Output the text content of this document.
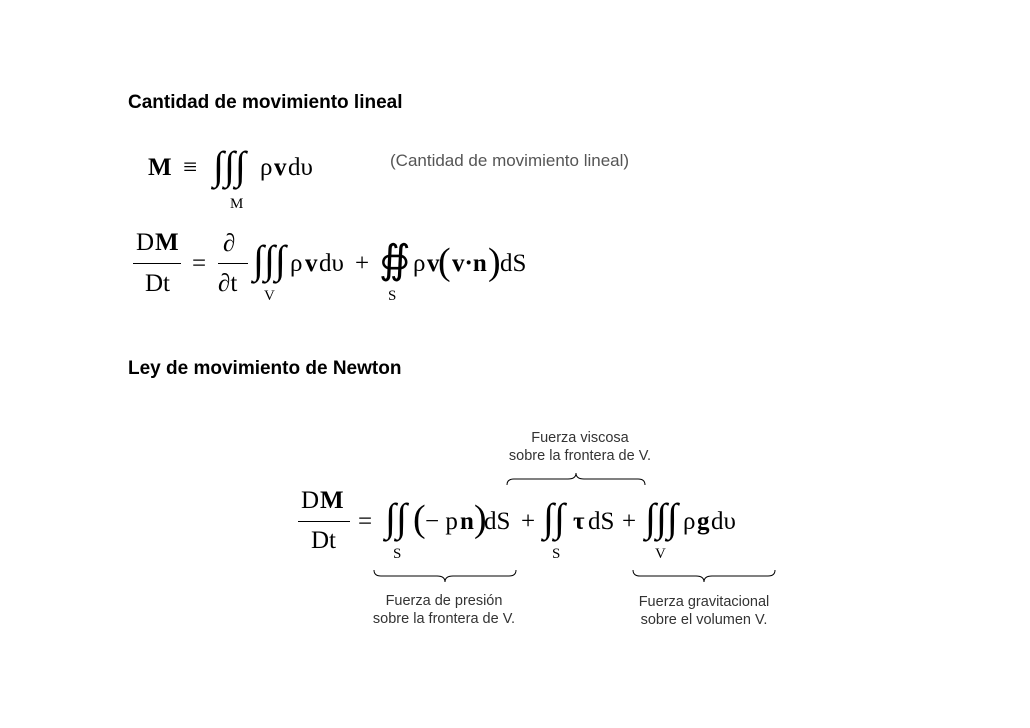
Cantidad de movimiento lineal
M ≡ ∫∫∫ ρ v dυ
M
(Cantidad de movimiento lineal)
D M
Dt
=
∂
∂t
∫∫∫ ρ v dυ
V
+ ∯ ρ v
( v·n ) dS
S
Ley de movimiento de Newton
Fuerza viscosa
sobre la frontera de V.
D M
Dt
= ∫∫ ( − p n )
dS
S
+ ∫∫ τ dS
S
+ ∫∫∫ ρ g dυ
V
Fuerza de presión
sobre la frontera de V.
Fuerza gravitacional
sobre el volumen V.
